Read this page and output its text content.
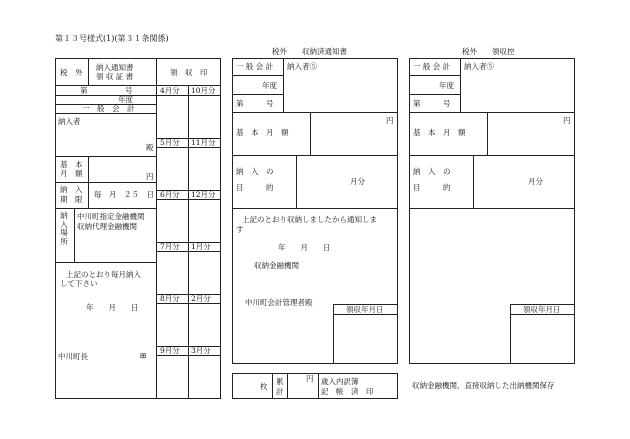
第１３号様式(1)(第３１条関係)
税　外
納入通知書
領 収 証 書	領　収　印
第　　　　　号
年度
一　般　会　計
納入者
殿
基　本
月　額	円
納　入
期　限
毎　月　２５　日
納入場所
中川町指定金融機関
収納代理金融機関
上記のとおり毎月納入
して下さい
年　　月　　日
中川町長	⊞
4月分 10月分
5月分 11月分
6月分 12月分
7月分 1月分
8月分 2月分
9月分 3月分
税外　　収納済通知書
一 般 会 計 納入者⑤
年度
第　　　号
基　本　月　額
円
納　入　の
目　　　的
月分
上記のとおり収納しましたから通知しま
す
年　　月　　日
収納金融機関
中川町会計管理者殿
領収年月日
枚
累
計
円 歳入内訳簿
記　帳　済　印
税外　　領収控
一 般 会 計 納入者⑤
年度
第　　　号
基　本　月　額
円
納　入　の
目　　　的
月分
領収年月日
収納金融機関、直接収納した出納機関保存
